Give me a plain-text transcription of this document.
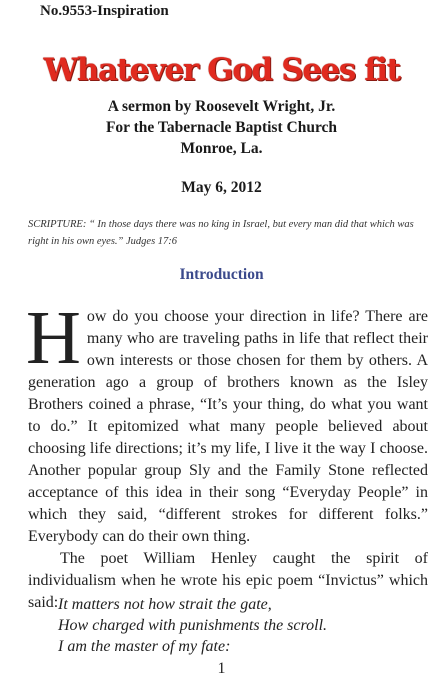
No.9553-Inspiration
Whatever God Sees fit
A sermon by Roosevelt Wright, Jr.
For the Tabernacle Baptist Church
Monroe, La.
May 6, 2012
SCRIPTURE: “ In those days there was no king in Israel, but every man did that which was right in his own eyes.” Judges 17:6
Introduction

How do you choose your direction in life? There are many who are traveling paths in life that reflect their own interests or those chosen for them by others. A generation ago a group of brothers known as the Isley Brothers coined a phrase, “It’s your thing, do what you want to do.” It epitomized what many people believed about choosing life directions; it’s my life, I live it the way I choose. Another popular group Sly and the Family Stone reflected acceptance of this idea in their song “Everyday People” in which they said, “different strokes for different folks.” Everybody can do their own thing.

The poet William Henley caught the spirit of individualism when he wrote his epic poem “Invictus” which said: It matters not how strait the gate,
How charged with punishments the scroll.
I am the master of my fate:
1
